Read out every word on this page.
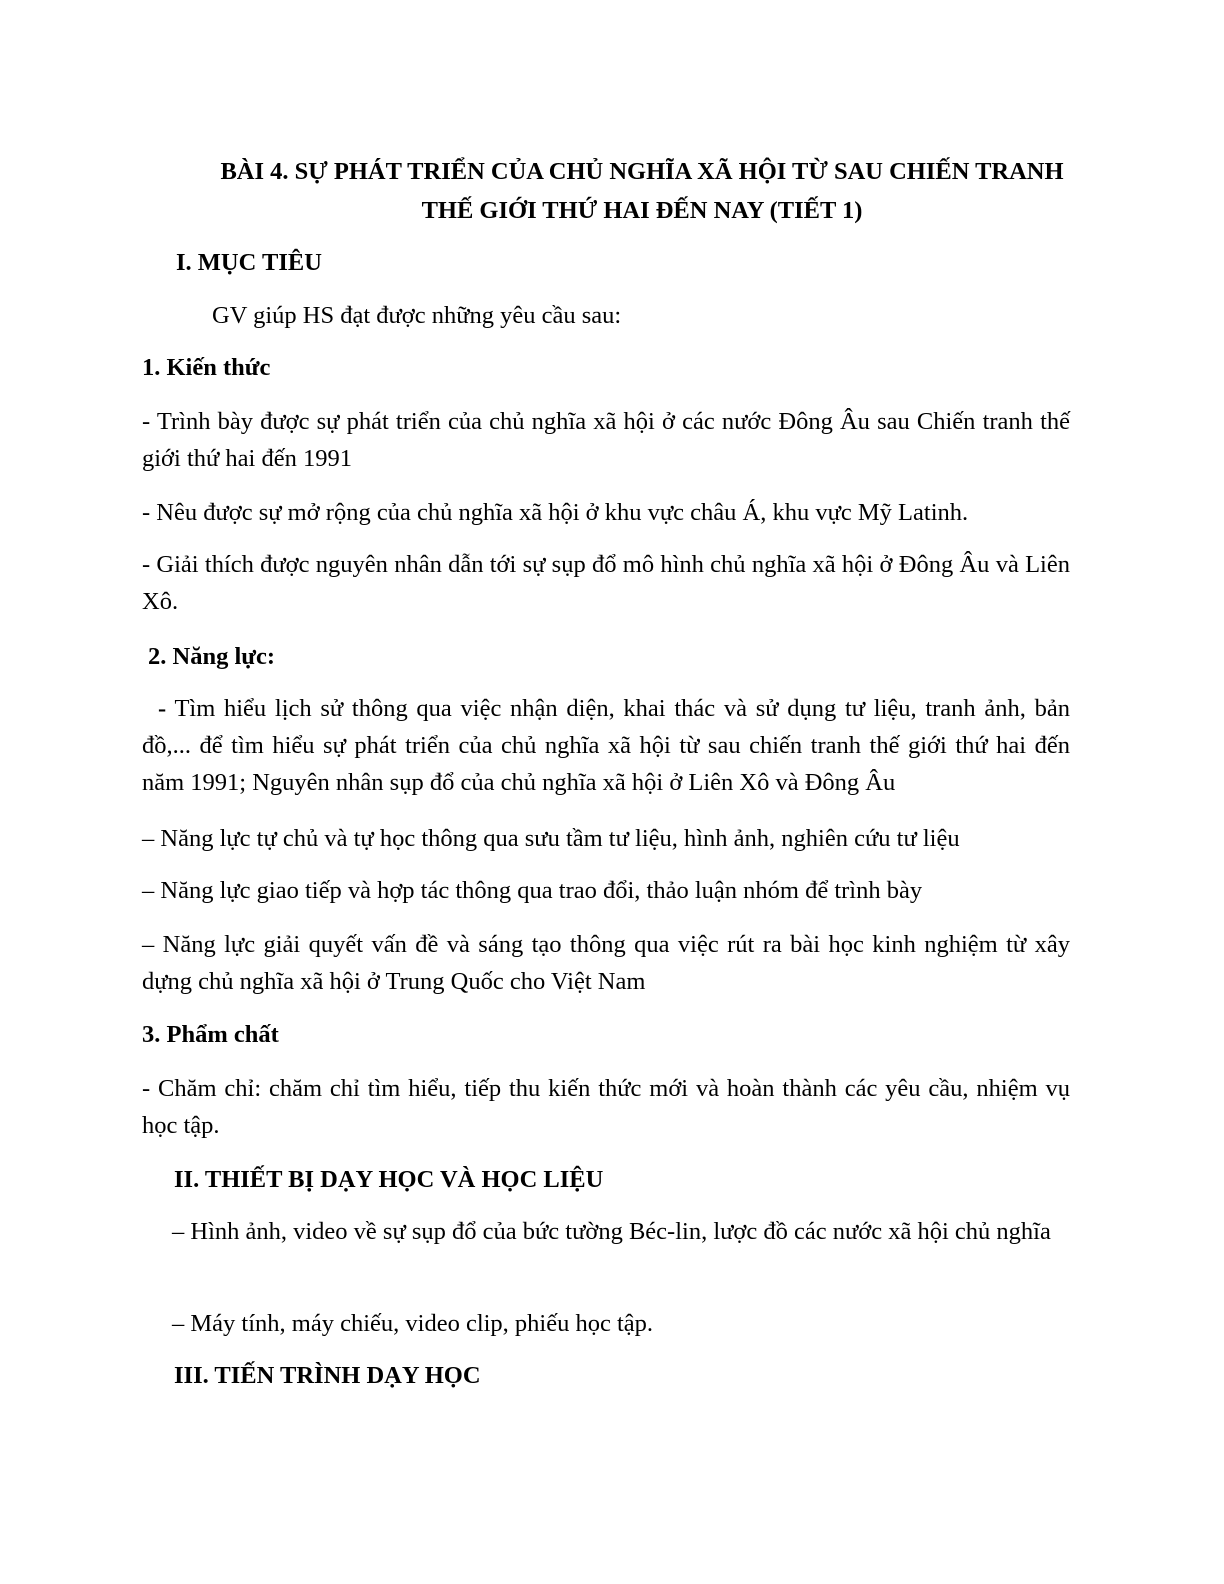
BÀI 4. SỰ PHÁT TRIỂN CỦA CHỦ NGHĨA XÃ HỘI TỪ SAU CHIẾN TRANH
THẾ GIỚI THỨ HAI ĐẾN NAY (TIẾT 1)

I. MỤC TIÊU

GV giúp HS đạt được những yêu cầu sau:

1. Kiến thức

- Trình bày được sự phát triển của chủ nghĩa xã hội ở các nước Đông Âu sau Chiến tranh thế giới thứ hai đến 1991

- Nêu được sự mở rộng của chủ nghĩa xã hội ở khu vực châu Á, khu vực Mỹ Latinh.

- Giải thích được nguyên nhân dẫn tới sự sụp đổ mô hình chủ nghĩa xã hội ở Đông Âu và Liên Xô.

2. Năng lực:

- Tìm hiểu lịch sử thông qua việc nhận diện, khai thác và sử dụng tư liệu, tranh ảnh, bản đồ,... để tìm hiểu sự phát triển của chủ nghĩa xã hội từ sau chiến tranh thế giới thứ hai đến năm 1991; Nguyên nhân sụp đổ của chủ nghĩa xã hội ở Liên Xô và Đông Âu

– Năng lực tự chủ và tự học thông qua sưu tầm tư liệu, hình ảnh, nghiên cứu tư liệu

– Năng lực giao tiếp và hợp tác thông qua trao đổi, thảo luận nhóm để trình bày

– Năng lực giải quyết vấn đề và sáng tạo thông qua việc rút ra bài học kinh nghiệm từ xây dựng chủ nghĩa xã hội ở Trung Quốc cho Việt Nam

3. Phẩm chất

- Chăm chỉ: chăm chỉ tìm hiểu, tiếp thu kiến thức mới và hoàn thành các yêu cầu, nhiệm vụ học tập.

II. THIẾT BỊ DẠY HỌC VÀ HỌC LIỆU

– Hình ảnh, video về sự sụp đổ của bức tường Béc-lin, lược đồ các nước xã hội chủ nghĩa

– Máy tính, máy chiếu, video clip, phiếu học tập.

III. TIẾN TRÌNH DẠY HỌC
